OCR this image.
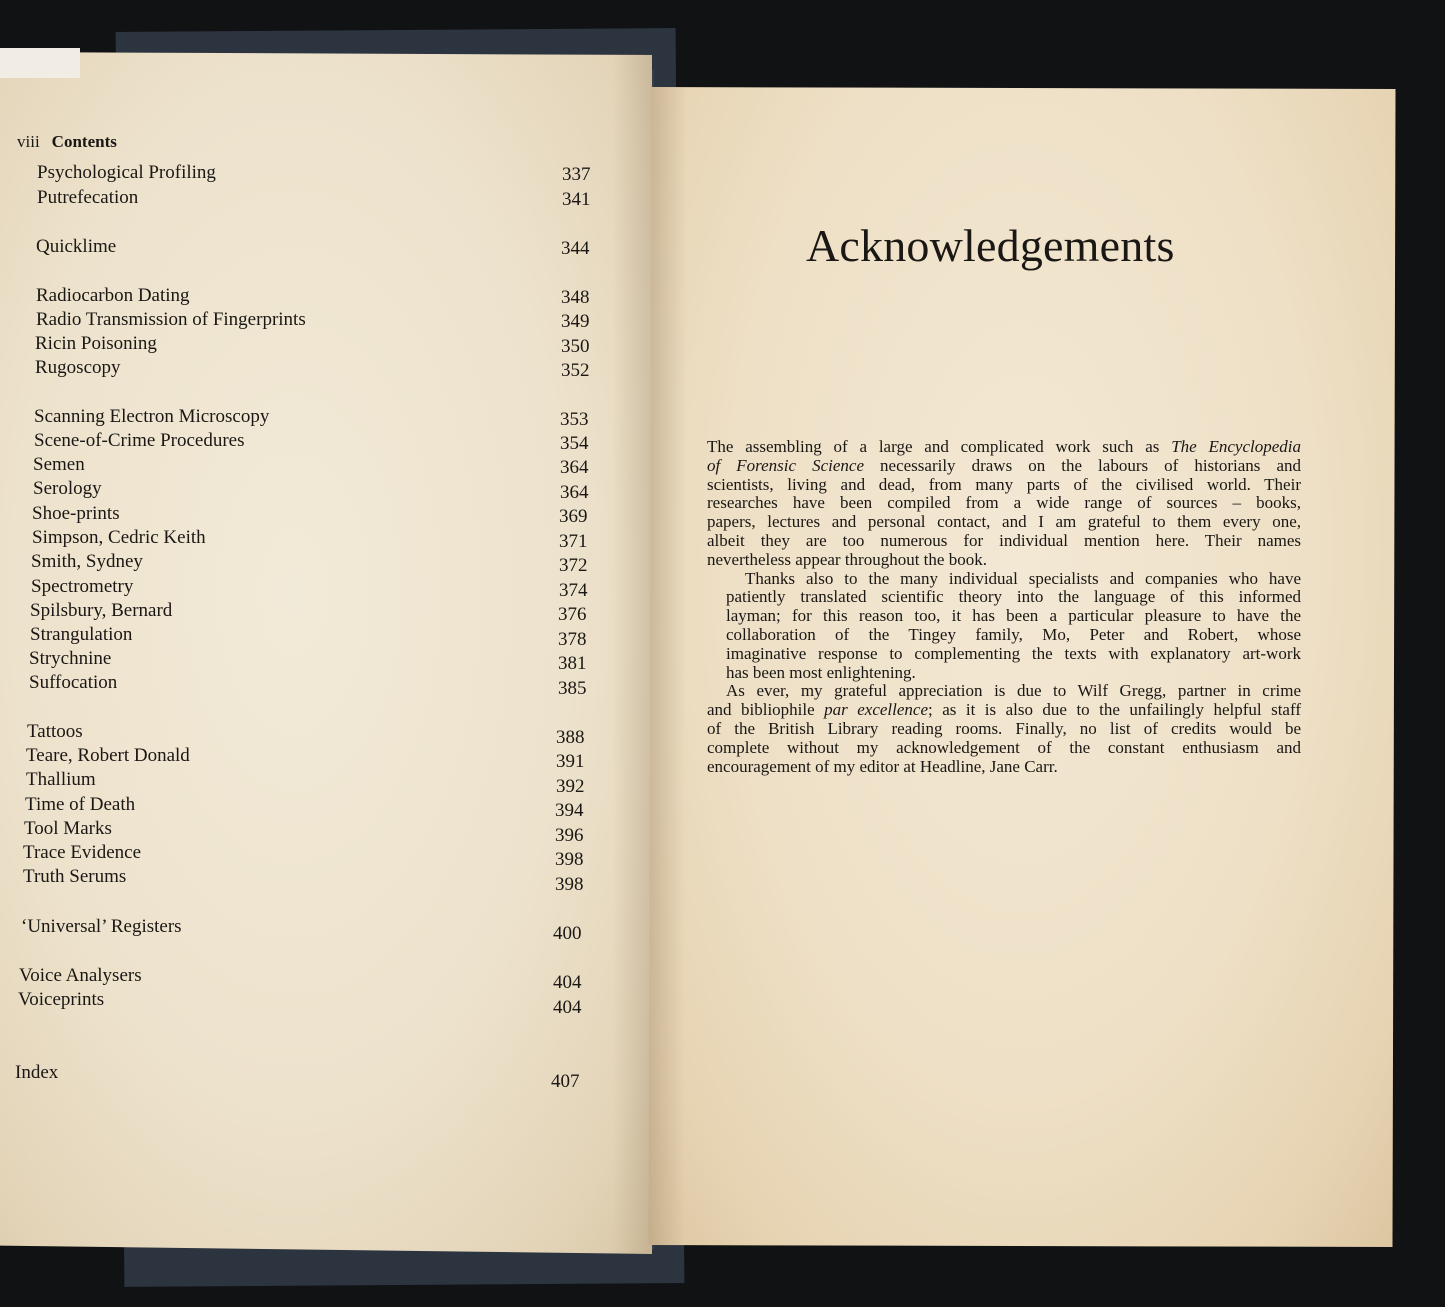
viii Contents
Psychological Profiling	337
Putrefecation	341
Quicklime	344
Radiocarbon Dating	348
Radio Transmission of Fingerprints	349
Ricin Poisoning	350
Rugoscopy	352
Scanning Electron Microscopy	353
Scene-of-Crime Procedures	354
Semen	364
Serology	364
Shoe-prints	369
Simpson, Cedric Keith	371
Smith, Sydney	372
Spectrometry	374
Spilsbury, Bernard	376
Strangulation	378
Strychnine	381
Suffocation	385
Tattoos	388
Teare, Robert Donald	391
Thallium	392
Time of Death	394
Tool Marks	396
Trace Evidence	398
Truth Serums	398
‘Universal’ Registers	400
Voice Analysers	404
Voiceprints	404
Index	407
Acknowledgements

The assembling of a large and complicated work such as The Encyclopedia
of Forensic Science necessarily draws on the labours of historians and
scientists, living and dead, from many parts of the civilised world. Their
researches have been compiled from a wide range of sources – books,
papers, lectures and personal contact, and I am grateful to them every one,
albeit they are too numerous for individual mention here. Their names
nevertheless appear throughout the book.

Thanks also to the many individual specialists and companies who have
patiently translated scientific theory into the language of this informed
layman; for this reason too, it has been a particular pleasure to have the
collaboration of the Tingey family, Mo, Peter and Robert, whose
imaginative response to complementing the texts with explanatory art-work
has been most enlightening.

As ever, my grateful appreciation is due to Wilf Gregg, partner in crime
and bibliophile par excellence; as it is also due to the unfailingly helpful staff
of the British Library reading rooms. Finally, no list of credits would be
complete without my acknowledgement of the constant enthusiasm and
encouragement of my editor at Headline, Jane Carr.
